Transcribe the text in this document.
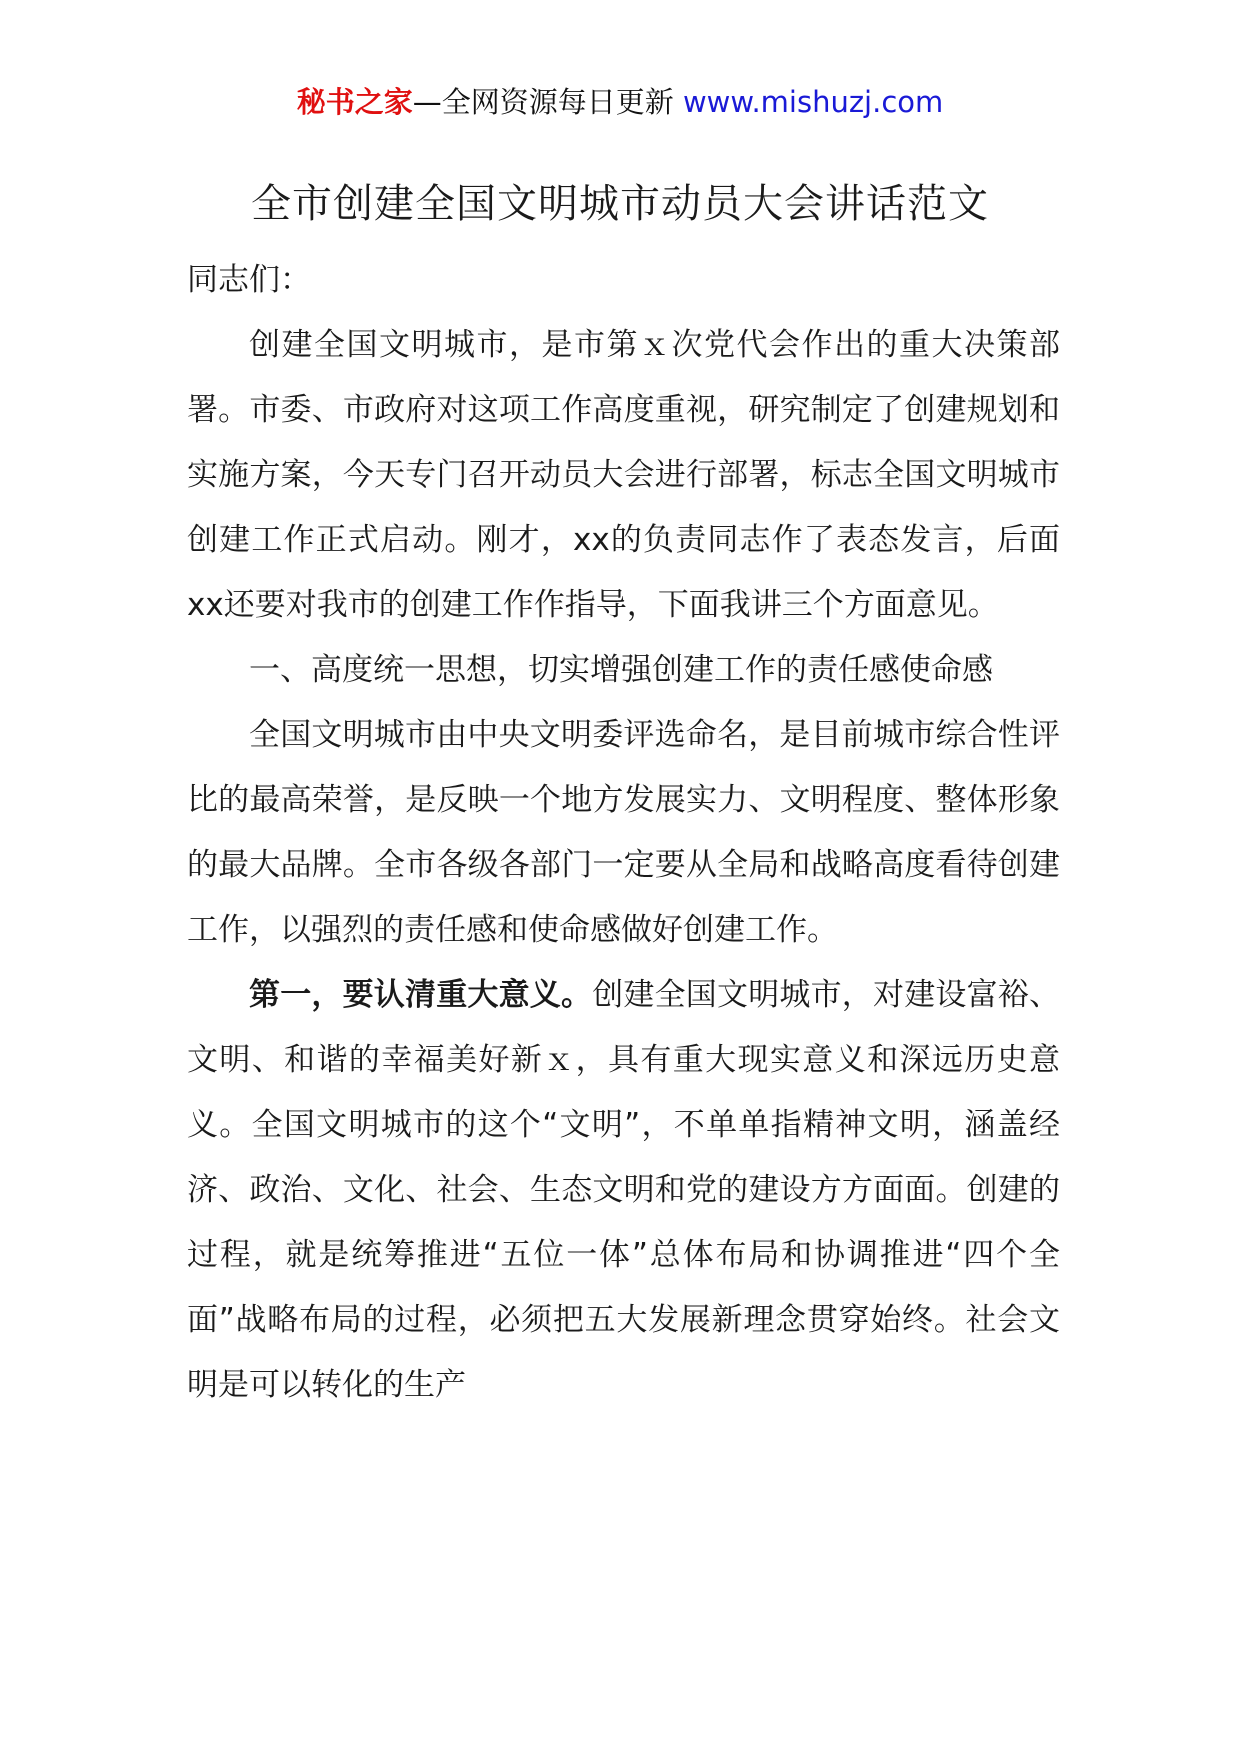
秘书之家—全网资源每日更新 www.mishuzj.com
全市创建全国文明城市动员大会讲话范文

同志们：

创建全国文明城市，是市第ｘ次党代会作出的重大决策部署。市委、市政府对这项工作高度重视，研究制定了创建规划和实施方案，今天专门召开动员大会进行部署，标志全国文明城市创建工作正式启动。刚才，xx的负责同志作了表态发言，后面xx还要对我市的创建工作作指导，下面我讲三个方面意见。

一、高度统一思想，切实增强创建工作的责任感使命感

全国文明城市由中央文明委评选命名，是目前城市综合性评比的最高荣誉，是反映一个地方发展实力、文明程度、整体形象的最大品牌。全市各级各部门一定要从全局和战略高度看待创建工作，以强烈的责任感和使命感做好创建工作。

第一，要认清重大意义。创建全国文明城市，对建设富裕、文明、和谐的幸福美好新ｘ，具有重大现实意义和深远历史意义。全国文明城市的这个“文明”，不单单指精神文明，涵盖经济、政治、文化、社会、生态文明和党的建设方方面面。创建的过程，就是统筹推进“五位一体”总体布局和协调推进“四个全面”战略布局的过程，必须把五大发展新理念贯穿始终。社会文明是可以转化的生产
